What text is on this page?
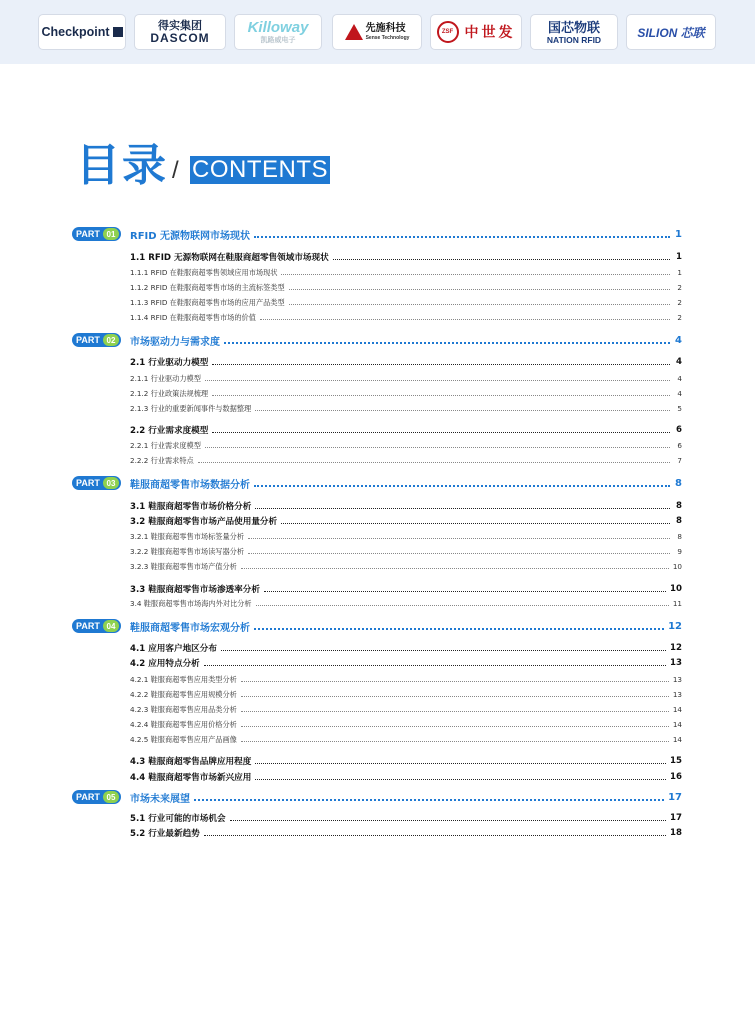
Checkpoint	得实集团
DASCOM
Killoway
凯路威电子
先施科技
Sense Technology
ZSF 中世发 国芯物联
NATION RFID	SILION 芯联
目录 / CONTENTS
PART 01	RFID 无源物联网市场现状	1
1.1 RFID 无源物联网在鞋服商超零售领域市场现状	1
1.1.1 RFID 在鞋服商超零售领域应用市场现状	1
1.1.2 RFID 在鞋服商超零售市场的主流标签类型	2
1.1.3 RFID 在鞋服商超零售市场的应用产品类型	2
1.1.4 RFID 在鞋服商超零售市场的价值	2
PART 02	市场驱动力与需求度	4
2.1 行业驱动力模型	4
2.1.1 行业驱动力模型	4
2.1.2 行业政策法规梳理	4
2.1.3 行业的重要新闻事件与数据整理	5
2.2 行业需求度模型	6
2.2.1 行业需求度模型	6
2.2.2 行业需求特点	7
PART 03	鞋服商超零售市场数据分析	8
3.1 鞋服商超零售市场价格分析	8
3.2 鞋服商超零售市场产品使用量分析	8
3.2.1 鞋服商超零售市场标签量分析	8
3.2.2 鞋服商超零售市场读写器分析	9
3.2.3 鞋服商超零售市场产值分析	10
3.3 鞋服商超零售市场渗透率分析	10
3.4 鞋服商超零售市场海内外对比分析	11
PART 04	鞋服商超零售市场宏观分析	12
4.1 应用客户地区分布	12
4.2 应用特点分析	13
4.2.1 鞋服商超零售应用类型分析	13
4.2.2 鞋服商超零售应用规模分析	13
4.2.3 鞋服商超零售应用品类分析	14
4.2.4 鞋服商超零售应用价格分析	14
4.2.5 鞋服商超零售应用产品画像	14
4.3 鞋服商超零售品牌应用程度	15
4.4 鞋服商超零售市场新兴应用	16
PART 05	市场未来展望	17
5.1 行业可能的市场机会	17
5.2 行业最新趋势	18
